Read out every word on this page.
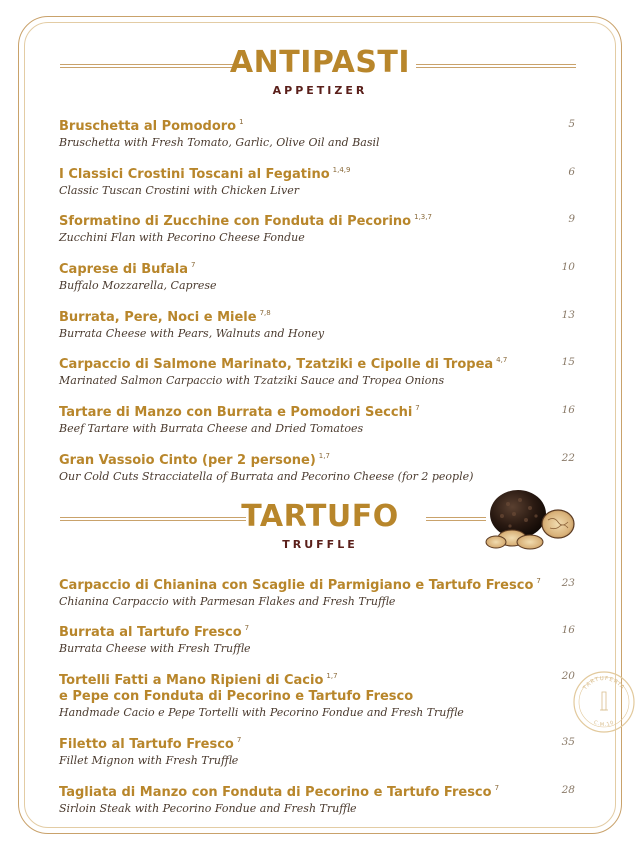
ANTIPASTI
APPETIZER
Bruschetta al Pomodoro $^1$
Bruschetta with Fresh Tomato, Garlic, Olive Oil and Basil
5
I Classici Crostini Toscani al Fegatino $^{1,4,9}$
Classic Tuscan Crostini with Chicken Liver
6
Sformatino di Zucchine con Fonduta di Pecorino $^{1,3,7}$
Zucchini Flan with Pecorino Cheese Fondue
9
Caprese di Bufala $^7$
Buffalo Mozzarella, Caprese
10
Burrata, Pere, Noci e Miele $^{7,8}$
Burrata Cheese with Pears, Walnuts and Honey
13
Carpaccio di Salmone Marinato, Tzatziki e Cipolle di Tropea $^{4,7}$
Marinated Salmon Carpaccio with Tzatziki Sauce and Tropea Onions
15
Tartare di Manzo con Burrata e Pomodori Secchi $^7$
Beef Tartare with Burrata Cheese and Dried Tomatoes
16
Gran Vassoio Cinto (per 2 persone) $^{1,7}$
Our Cold Cuts Stracciatella of Burrata and Pecorino Cheese (for 2 people)
22
TARTUFO
TRUFFLE
Carpaccio di Chianina con Scaglie di Parmigiano e Tartufo Fresco $^7$
Chianina Carpaccio with Parmesan Flakes and Fresh Truffle
23
Burrata al Tartufo Fresco $^7$
Burrata Cheese with Fresh Truffle
16
Tortelli Fatti a Mano Ripieni di Cacio $^{1,7}$
e Pepe con Fonduta di Pecorino e Tartufo Fresco
Handmade Cacio e Pepe Tortelli with Pecorino Fondue and Fresh Truffle
20
Filetto al Tartufo Fresco $^7$
Fillet Mignon with Fresh Truffle
35
Tagliata di Manzo con Fonduta di Pecorino e Tartufo Fresco $^7$
Sirloin Steak with Pecorino Fondue and Fresh Truffle
28
TARTUFERIA
C.M.10
